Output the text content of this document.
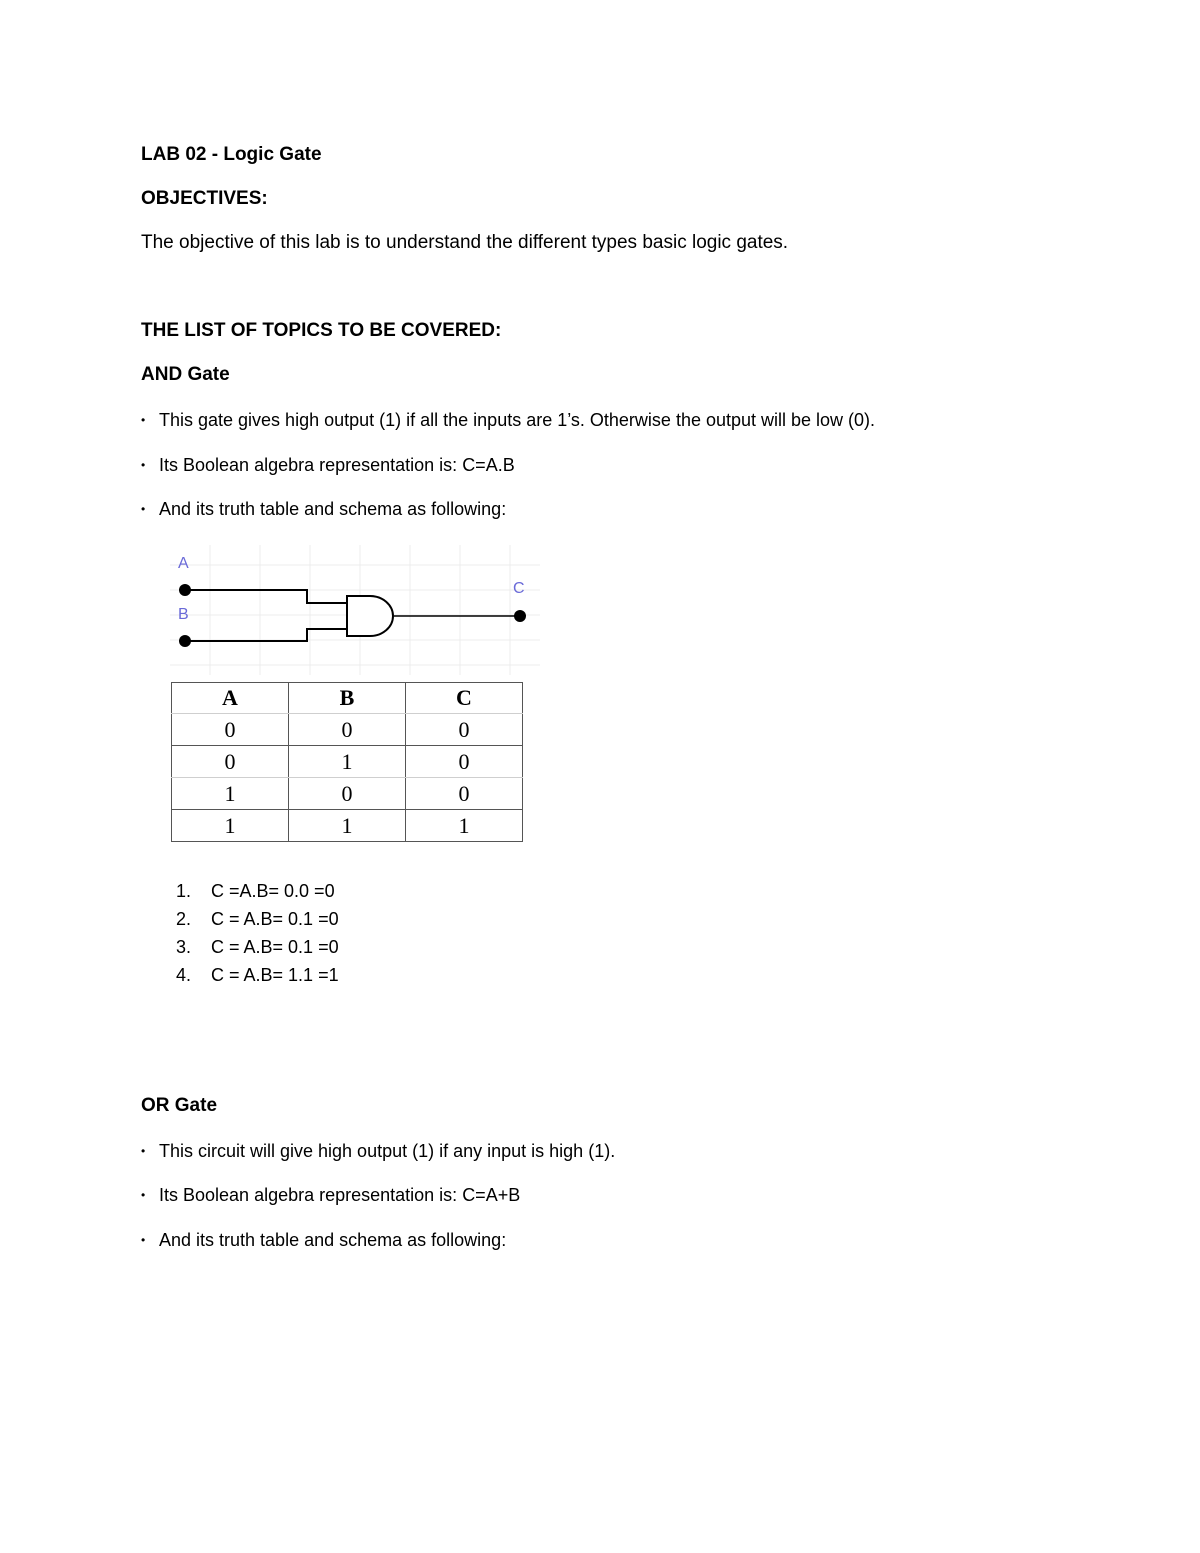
LAB 02 - Logic Gate
OBJECTIVES:
The objective of this lab is to understand the different types basic logic gates.
THE LIST OF TOPICS TO BE COVERED:
AND Gate
• This gate gives high output (1) if all the inputs are 1’s. Otherwise the output will be low (0).
• Its Boolean algebra representation is: C=A.B
• And its truth table and schema as following:
A
B
C
A	B	C
0	0	0
0	1	0
1	0	0
1	1	1
1. C =A.B= 0.0 =0
2. C = A.B= 0.1 =0
3. C = A.B= 0.1 =0
4. C = A.B= 1.1 =1
OR Gate
• This circuit will give high output (1) if any input is high (1).
• Its Boolean algebra representation is: C=A+B
• And its truth table and schema as following:
